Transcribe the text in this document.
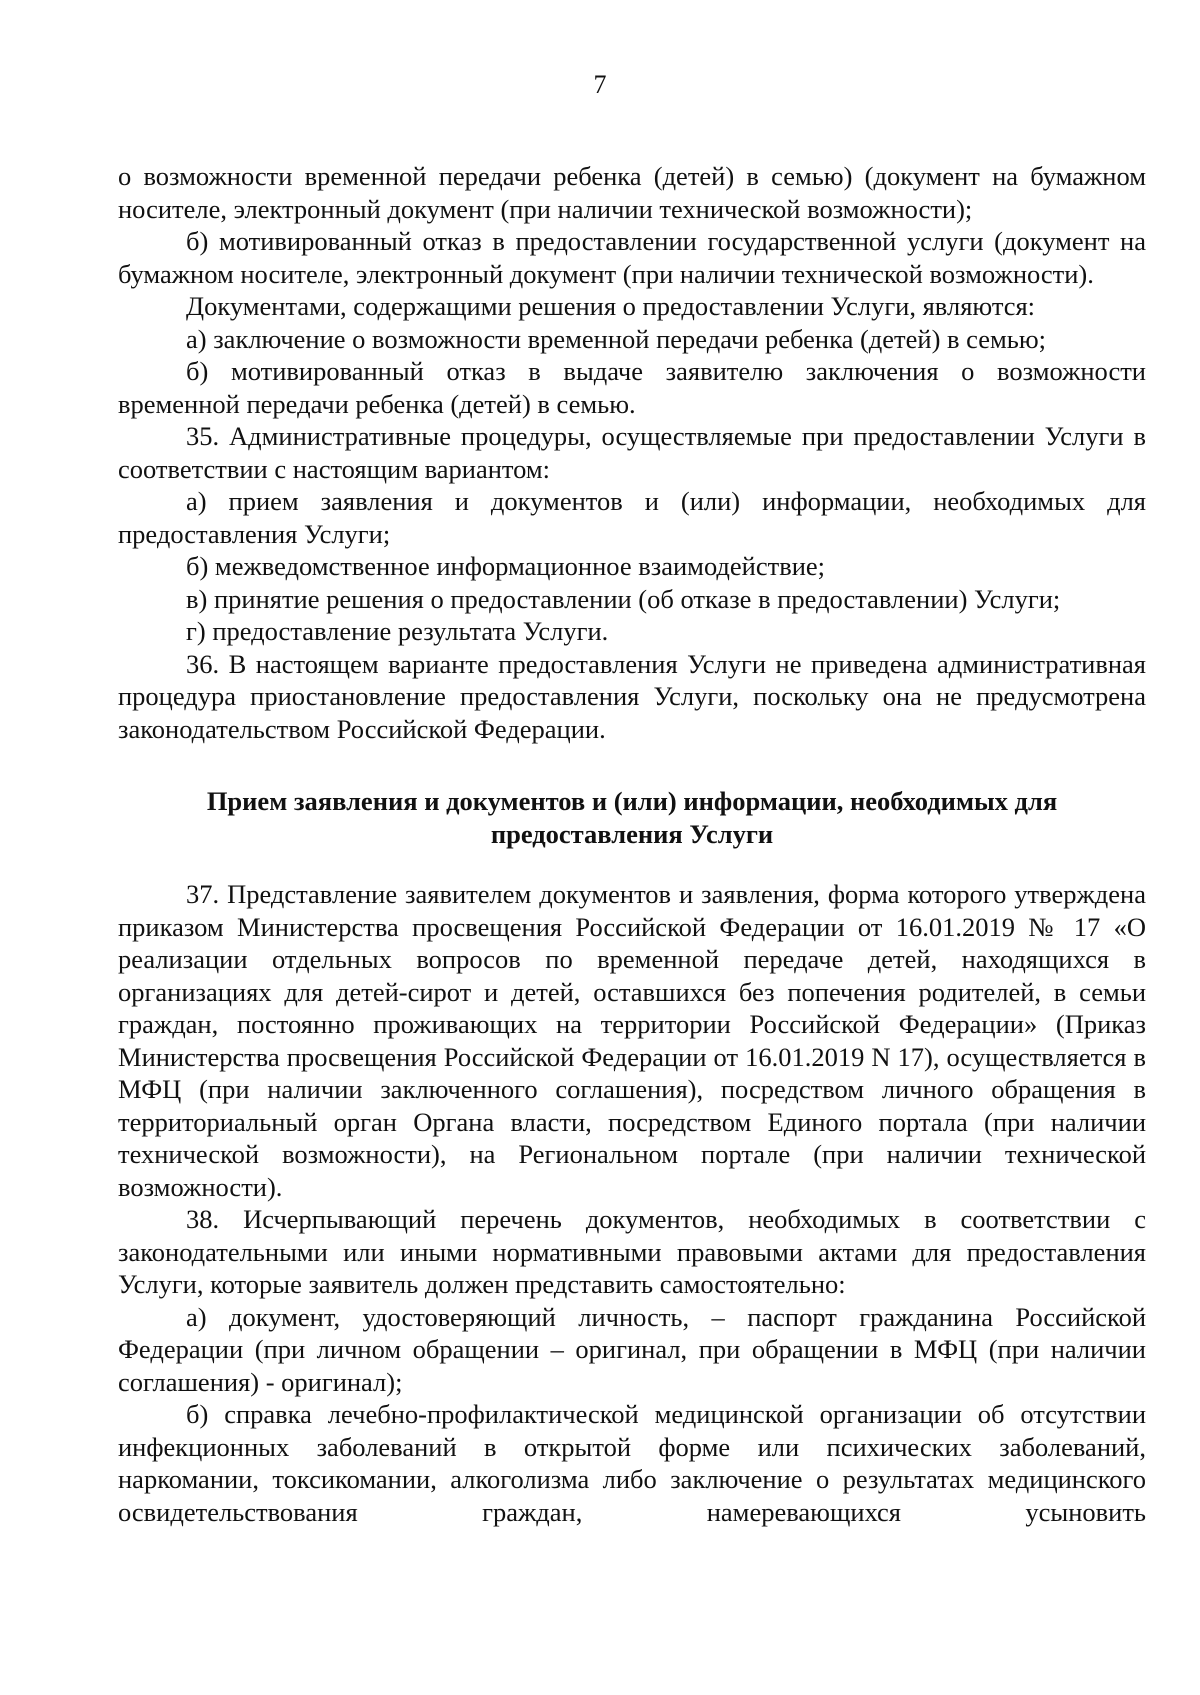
7

о возможности временной передачи ребенка (детей) в семью) (документ на бумажном носителе, электронный документ (при наличии технической возможности);

б) мотивированный отказ в предоставлении государственной услуги (документ на бумажном носителе, электронный документ (при наличии технической возможности).

Документами, содержащими решения о предоставлении Услуги, являются:

а) заключение о возможности временной передачи ребенка (детей) в семью;

б) мотивированный отказ в выдаче заявителю заключения о возможности временной передачи ребенка (детей) в семью.

35. Административные процедуры, осуществляемые при предоставлении Услуги в соответствии с настоящим вариантом:

а) прием заявления и документов и (или) информации, необходимых для предоставления Услуги;

б) межведомственное информационное взаимодействие;

в) принятие решения о предоставлении (об отказе в предоставлении) Услуги;

г) предоставление результата Услуги.

36. В настоящем варианте предоставления Услуги не приведена административная процедура приостановление предоставления Услуги, поскольку она не предусмотрена законодательством Российской Федерации.

Прием заявления и документов и (или) информации, необходимых для
предоставления Услуги

37. Представление заявителем документов и заявления, форма которого утверждена приказом Министерства просвещения Российской Федерации от 16.01.2019 № 17 «О реализации отдельных вопросов по временной передаче детей, находящихся в организациях для детей-сирот и детей, оставшихся без попечения родителей, в семьи граждан, постоянно проживающих на территории Российской Федерации» (Приказ Министерства просвещения Российской Федерации от 16.01.2019 N 17), осуществляется в МФЦ (при наличии заключенного соглашения), посредством личного обращения в территориальный орган Органа власти, посредством Единого портала (при наличии технической возможности), на Региональном портале (при наличии технической возможности).

38. Исчерпывающий перечень документов, необходимых в соответствии с законодательными или иными нормативными правовыми актами для предоставления Услуги, которые заявитель должен представить самостоятельно:

а) документ, удостоверяющий личность, – паспорт гражданина Российской Федерации (при личном обращении – оригинал, при обращении в МФЦ (при наличии соглашения) - оригинал);

б) справка лечебно-профилактической медицинской организации об отсутствии инфекционных заболеваний в открытой форме или психических заболеваний, наркомании, токсикомании, алкоголизма либо заключение о результатах медицинского освидетельствования граждан, намеревающихся усыновить
